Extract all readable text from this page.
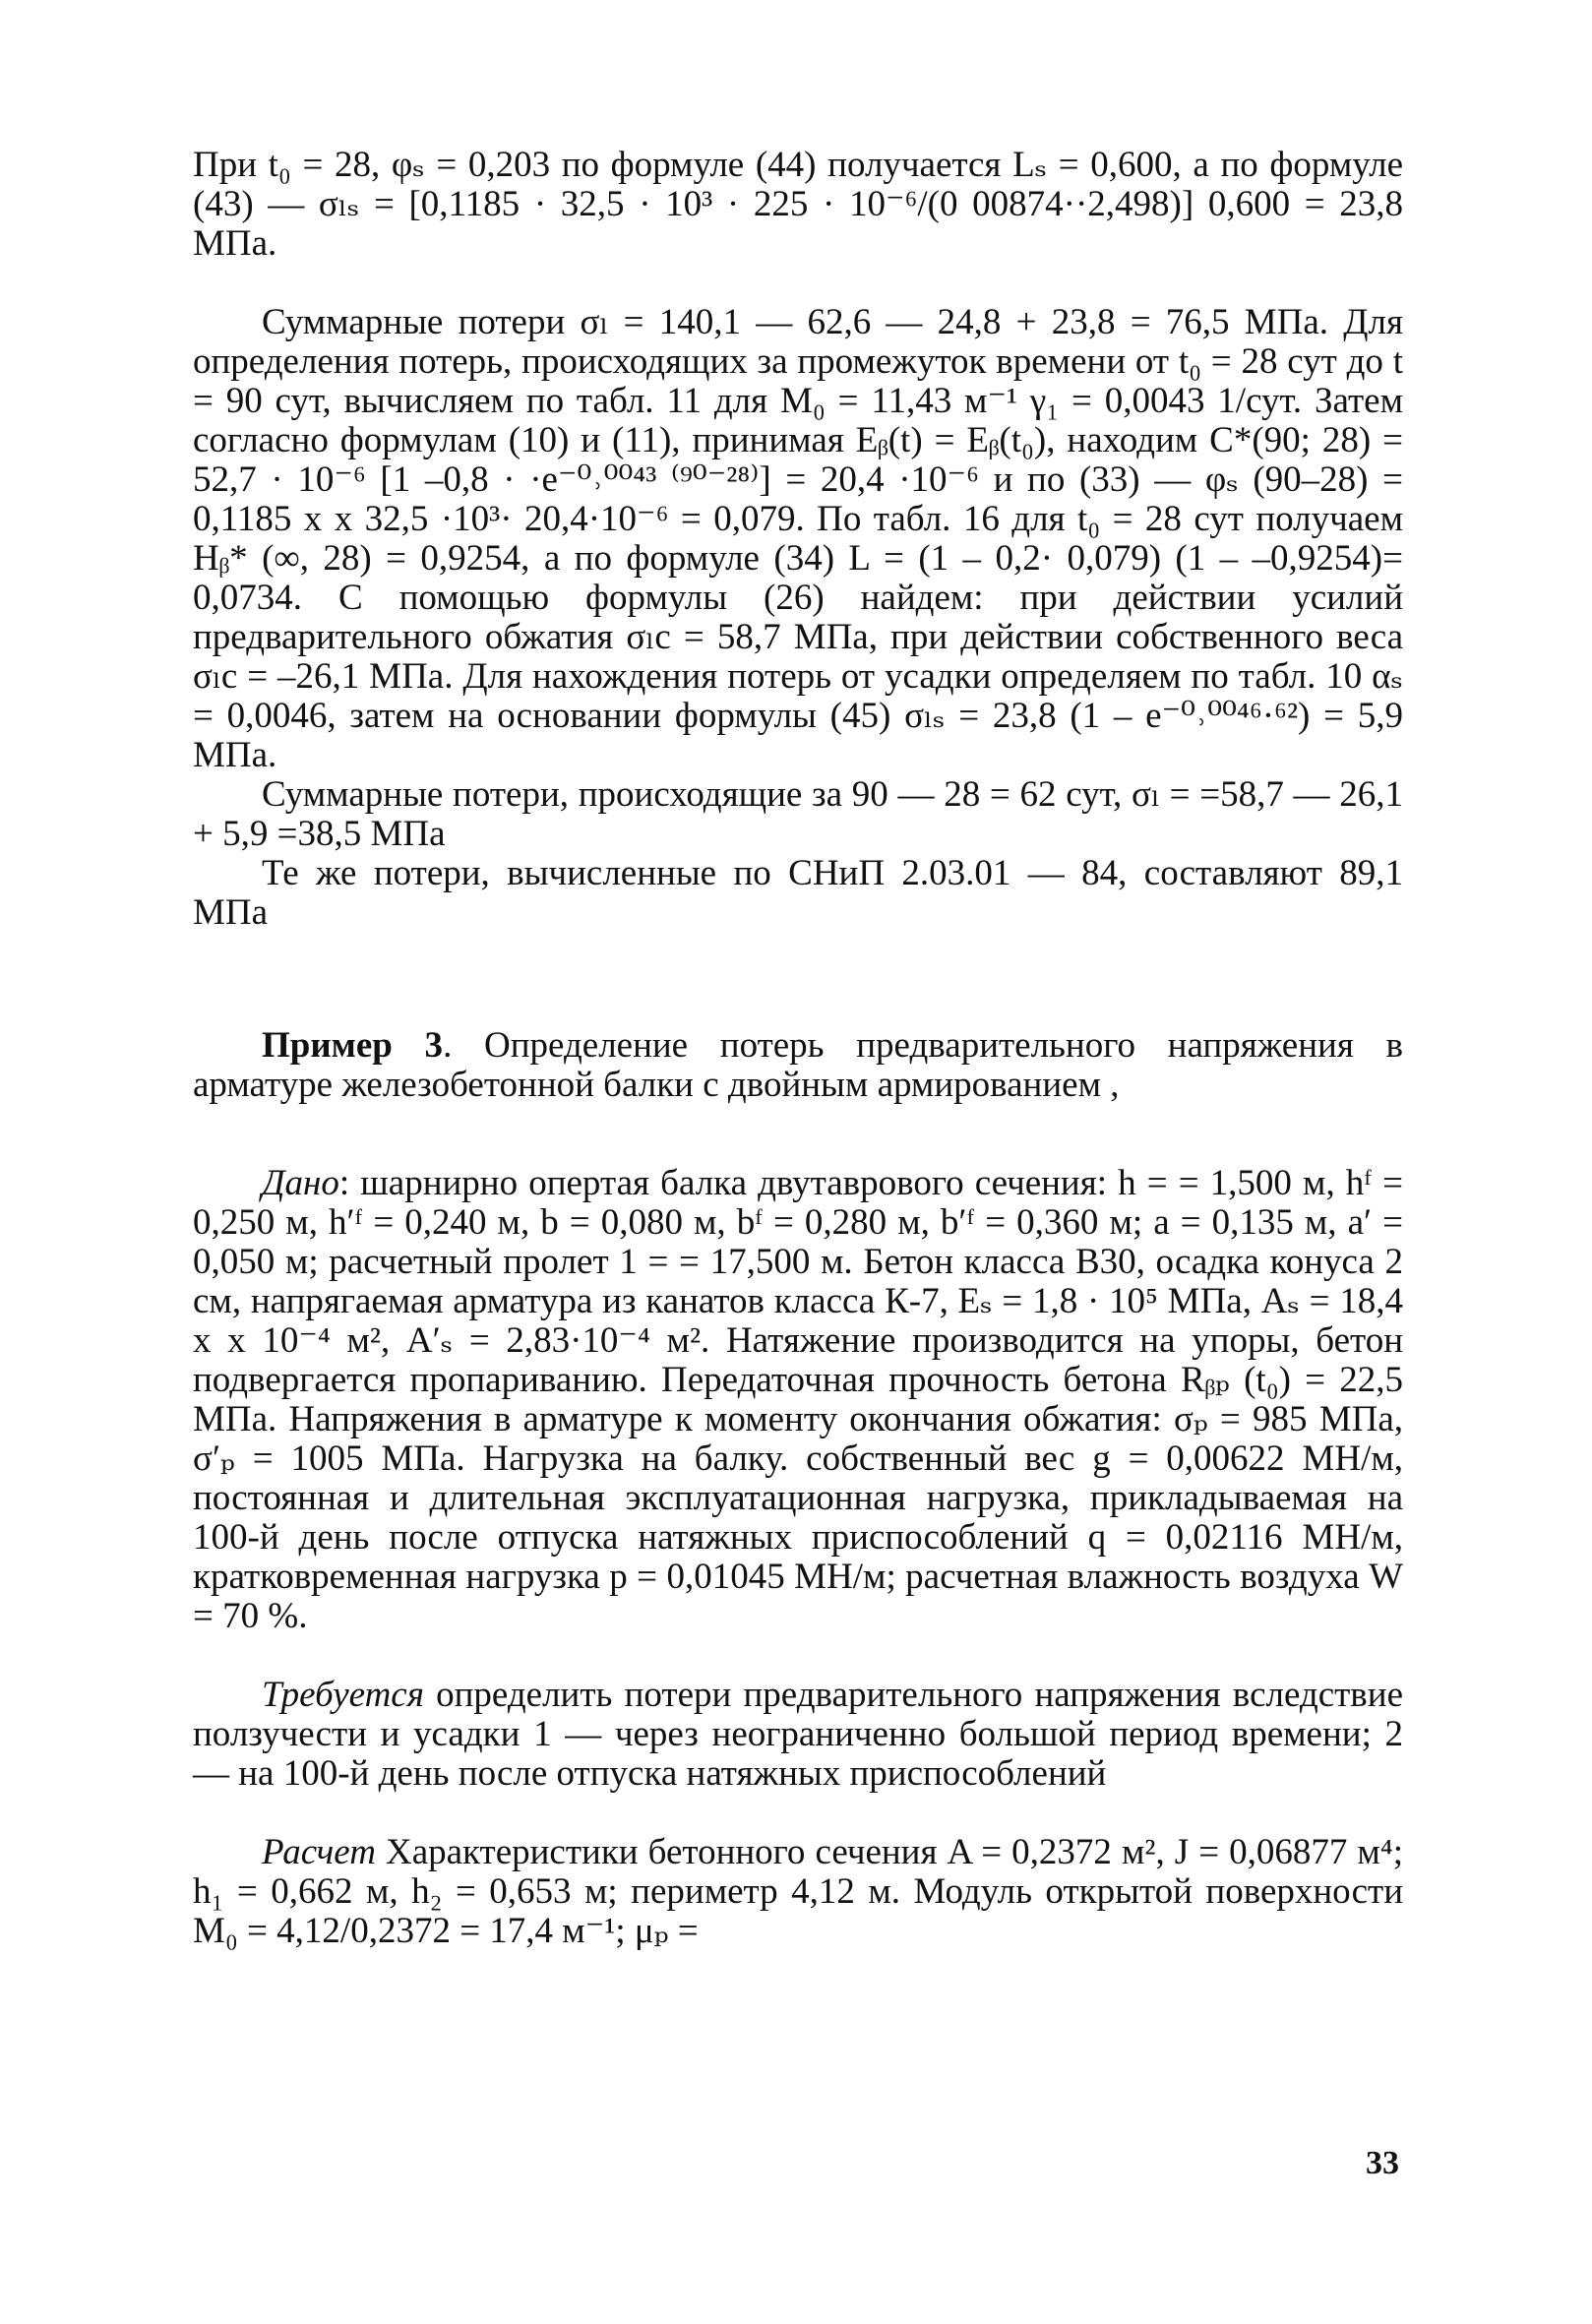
При t₀ = 28, φₛ = 0,203 по формуле (44) получается Lₛ = 0,600, а по формуле (43) — σₗₛ = [0,1185 · 32,5 · 10³ · 225 · 10⁻⁶/(0 00874··2,498)] 0,600 = 23,8 МПа.

Суммарные потери σₗ = 140,1 — 62,6 — 24,8 + 23,8 = 76,5 МПа. Для определения потерь, происходящих за промежуток времени от t₀ = 28 сут до t = 90 сут, вычисляем по табл. 11 для M₀ = 11,43 м⁻¹ γ₁ = 0,0043 1/сут. Затем согласно формулам (10) и (11), принимая Eᵦ(t) = Eᵦ(t₀), находим C*(90; 28) = 52,7 · 10⁻⁶ [1 –0,8 · ·e⁻⁰˒⁰⁰⁴³ ⁽⁹⁰⁻²⁸⁾] = 20,4 ·10⁻⁶ и по (33) — φₛ (90–28) = 0,1185 x x 32,5 ·10³· 20,4·10⁻⁶ = 0,079. По табл. 16 для t₀ = 28 сут получаем Hᵦ* (∞, 28) = 0,9254, а по формуле (34) L = (1 – 0,2· 0,079) (1 – –0,9254)= 0,0734. С помощью формулы (26) найдем: при действии усилий предварительного обжатия σₗc = 58,7 МПа, при действии собственного веса σₗc = –26,1 МПа. Для нахождения потерь от усадки определяем по табл. 10 αₛ = 0,0046, затем на основании формулы (45) σₗₛ = 23,8 (1 – e⁻⁰˒⁰⁰⁴⁶·⁶²) = 5,9 МПа.

Суммарные потери, происходящие за 90 — 28 = 62 сут, σₗ = =58,7 — 26,1 + 5,9 =38,5 МПа

Те же потери, вычисленные по СНиП 2.03.01 — 84, составляют 89,1 МПа

Пример 3. Определение потерь предварительного напряжения в арматуре железобетонной балки с двойным армированием ,

Дано: шарнирно опертая балка двутаврового сечения: h = = 1,500 м, hᶠ = 0,250 м, h′ᶠ = 0,240 м, b = 0,080 м, bᶠ = 0,280 м, b′ᶠ = 0,360 м; a = 0,135 м, a′ = 0,050 м; расчетный пролет 1 = = 17,500 м. Бетон класса В30, осадка конуса 2 см, напрягаемая арматура из канатов класса К-7, Eₛ = 1,8 · 10⁵ МПа, Aₛ = 18,4 x x 10⁻⁴ м², A′ₛ = 2,83·10⁻⁴ м². Натяжение производится на упоры, бетон подвергается пропариванию. Передаточная прочность бетона Rᵦₚ (t₀) = 22,5 МПа. Напряжения в арматуре к моменту окончания обжатия: σₚ = 985 МПа, σ′ₚ = 1005 МПа. Нагрузка на балку. собственный вес g = 0,00622 МН/м, постоянная и длительная эксплуатационная нагрузка, прикладываемая на 100-й день после отпуска натяжных приспособлений q = 0,02116 МН/м, кратковременная нагрузка p = 0,01045 МН/м; расчетная влажность воздуха W = 70 %.

Требуется определить потери предварительного напряжения вследствие ползучести и усадки 1 — через неограниченно большой период времени; 2 — на 100-й день после отпуска натяжных приспособлений

Расчет Характеристики бетонного сечения A = 0,2372 м², J = 0,06877 м⁴; h₁ = 0,662 м, h₂ = 0,653 м; периметр 4,12 м. Модуль открытой поверхности M₀ = 4,12/0,2372 = 17,4 м⁻¹; μₚ =

33
